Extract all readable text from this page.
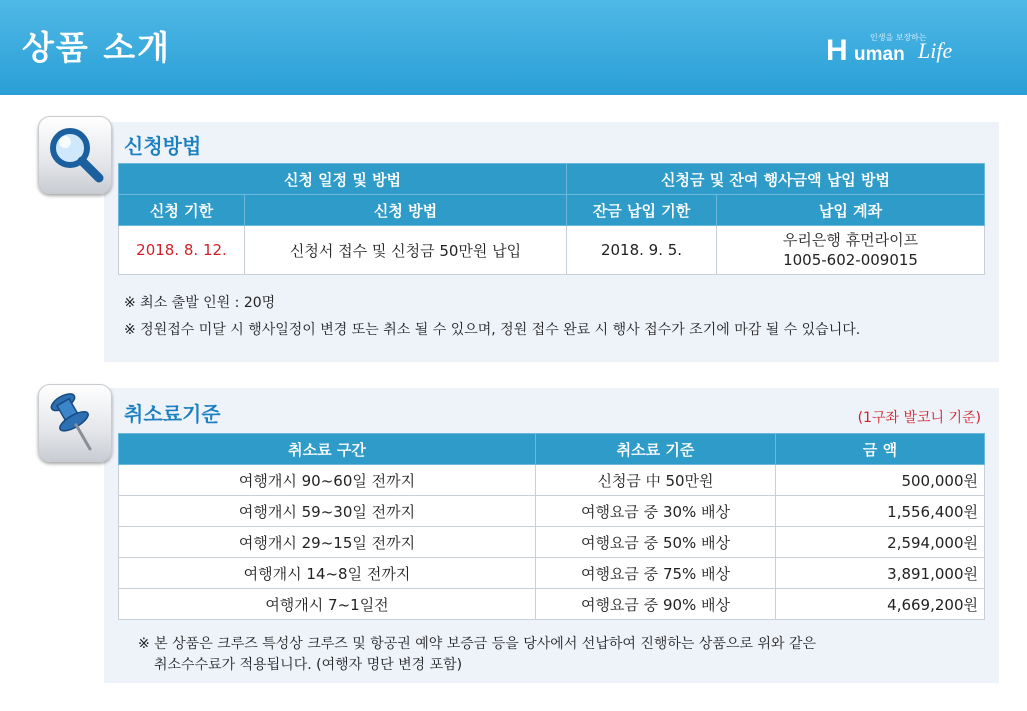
상품 소개	인생을 보장하는
H uman Life
신청방법
신청 일정 및 방법		신청금 및 잔여 행사금액 납입 방법	
신청 기한	신청 방법	잔금 납입 기한	납입 계좌
2018. 8. 12.	신청서 접수 및 신청금 50만원 납입	2018. 9. 5.	우리은행 휴먼라이프
1005-602-009015
※ 최소 출발 인원 : 20명
※ 정원접수 미달 시 행사일정이 변경 또는 취소 될 수 있으며, 정원 접수 완료 시 행사 접수가 조기에 마감 될 수 있습니다.
취소료기준	(1구좌 발코니 기준)
취소료 구간	취소료 기준	금 액
여행개시 90~60일 전까지	신청금 中 50만원	500,000원
여행개시 59~30일 전까지	여행요금 중 30% 배상	1,556,400원
여행개시 29~15일 전까지	여행요금 중 50% 배상	2,594,000원
여행개시 14~8일 전까지	여행요금 중 75% 배상	3,891,000원
여행개시 7~1일전	여행요금 중 90% 배상	4,669,200원
※ 본 상품은 크루즈 특성상 크루즈 및 항공권 예약 보증금 등을 당사에서 선납하여 진행하는 상품으로 위와 같은
취소수수료가 적용됩니다. (여행자 명단 변경 포함)
